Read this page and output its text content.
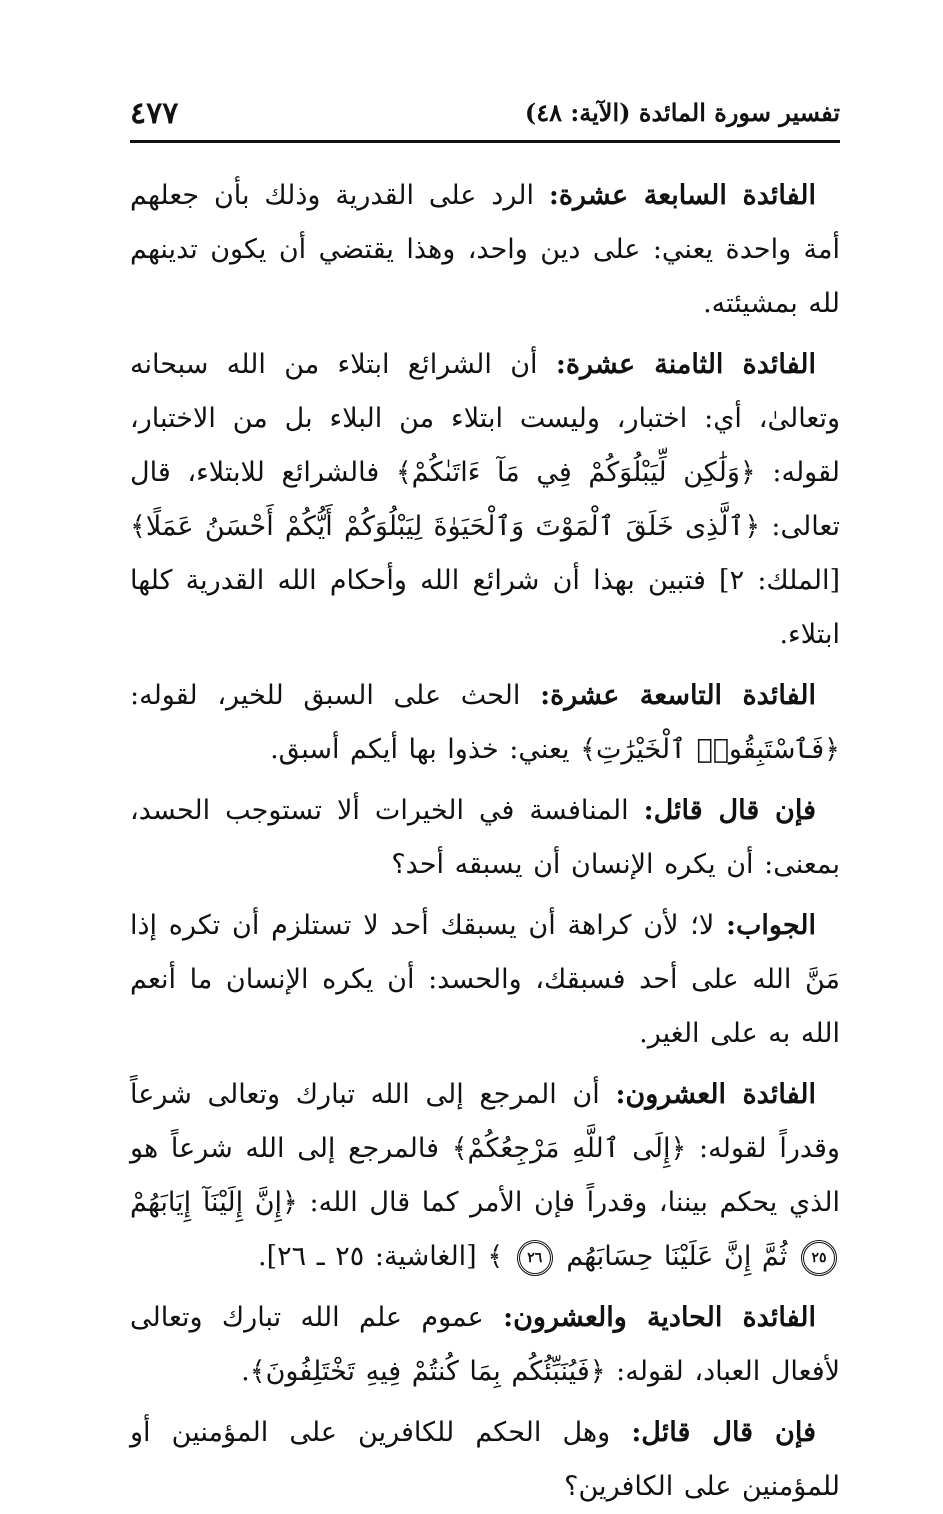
تفسير سورة المائدة (الآية: ٤٨)
٤٧٧

الفائدة السابعة عشرة: الرد على القدرية وذلك بأن جعلهم أمة واحدة يعني: على دين واحد، وهذا يقتضي أن يكون تدينهم لله بمشيئته.

الفائدة الثامنة عشرة: أن الشرائع ابتلاء من الله سبحانه وتعالىٰ، أي: اختبار، وليست ابتلاء من البلاء بل من الاختبار، لقوله: ﴿وَلَٰكِن لِّيَبْلُوَكُمْ فِي مَآ ءَاتَىٰكُمْ﴾ فالشرائع للابتلاء، قال تعالى: ﴿ٱلَّذِى خَلَقَ ٱلْمَوْتَ وَٱلْحَيَوٰةَ لِيَبْلُوَكُمْ أَيُّكُمْ أَحْسَنُ عَمَلًا﴾ [الملك: ٢] فتبين بهذا أن شرائع الله وأحكام الله القدرية كلها ابتلاء.

الفائدة التاسعة عشرة: الحث على السبق للخير، لقوله: ﴿فَٱسْتَبِقُوا۟ ٱلْخَيْرَٰتِ﴾ يعني: خذوا بها أيكم أسبق.

فإن قال قائل: المنافسة في الخيرات ألا تستوجب الحسد، بمعنى: أن يكره الإنسان أن يسبقه أحد؟

الجواب: لا؛ لأن كراهة أن يسبقك أحد لا تستلزم أن تكره إذا مَنَّ الله على أحد فسبقك، والحسد: أن يكره الإنسان ما أنعم الله به على الغير.

الفائدة العشرون: أن المرجع إلى الله تبارك وتعالى شرعاً وقدراً لقوله: ﴿إِلَى ٱللَّهِ مَرْجِعُكُمْ﴾ فالمرجع إلى الله شرعاً هو الذي يحكم بيننا، وقدراً فإن الأمر كما قال الله: ﴿إِنَّ إِلَيْنَآ إِيَابَهُمْ ٢٥ ثُمَّ إِنَّ عَلَيْنَا حِسَابَهُم ٢٦ ﴾ [الغاشية: ٢٥ ـ ٢٦].

الفائدة الحادية والعشرون: عموم علم الله تبارك وتعالى لأفعال العباد، لقوله: ﴿فَيُنَبِّئُكُم بِمَا كُنتُمْ فِيهِ تَخْتَلِفُونَ﴾.

فإن قال قائل: وهل الحكم للكافرين على المؤمنين أو للمؤمنين على الكافرين؟
